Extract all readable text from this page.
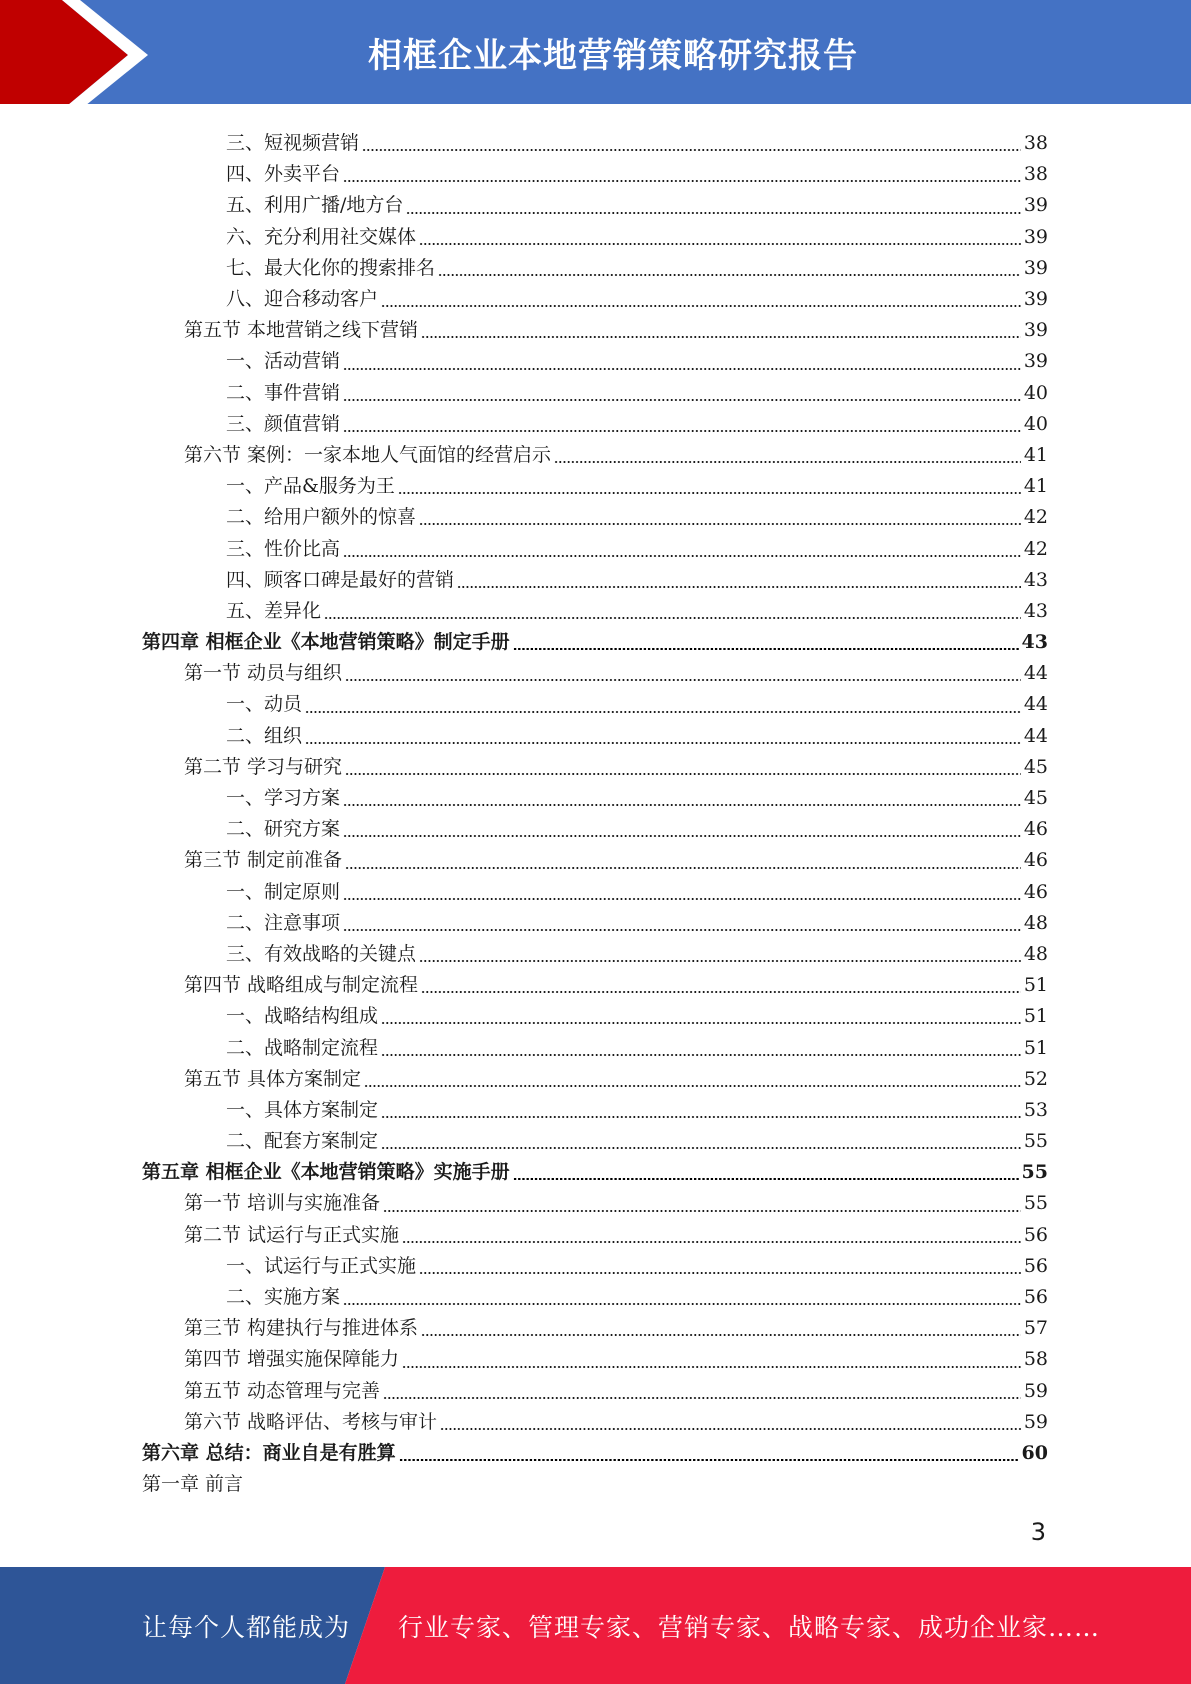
相框企业本地营销策略研究报告
三、短视频营销	38
四、外卖平台	38
五、利用广播/地方台	39
六、充分利用社交媒体	39
七、最大化你的搜索排名	39
八、迎合移动客户	39
第五节 本地营销之线下营销	39
一、活动营销	39
二、事件营销	40
三、颜值营销	40
第六节 案例：一家本地人气面馆的经营启示	41
一、产品&服务为王	41
二、给用户额外的惊喜	42
三、性价比高	42
四、顾客口碑是最好的营销	43
五、差异化	43
第四章 相框企业《本地营销策略》制定手册	43
第一节 动员与组织	44
一、动员	44
二、组织	44
第二节 学习与研究	45
一、学习方案	45
二、研究方案	46
第三节 制定前准备	46
一、制定原则	46
二、注意事项	48
三、有效战略的关键点	48
第四节 战略组成与制定流程	51
一、战略结构组成	51
二、战略制定流程	51
第五节 具体方案制定	52
一、具体方案制定	53
二、配套方案制定	55
第五章 相框企业《本地营销策略》实施手册	55
第一节 培训与实施准备	55
第二节 试运行与正式实施	56
一、试运行与正式实施	56
二、实施方案	56
第三节 构建执行与推进体系	57
第四节 增强实施保障能力	58
第五节 动态管理与完善	59
第六节 战略评估、考核与审计	59
第六章 总结：商业自是有胜算	60
第一章 前言
3
让每个人都能成为 行业专家、管理专家、营销专家、战略专家、成功企业家……
